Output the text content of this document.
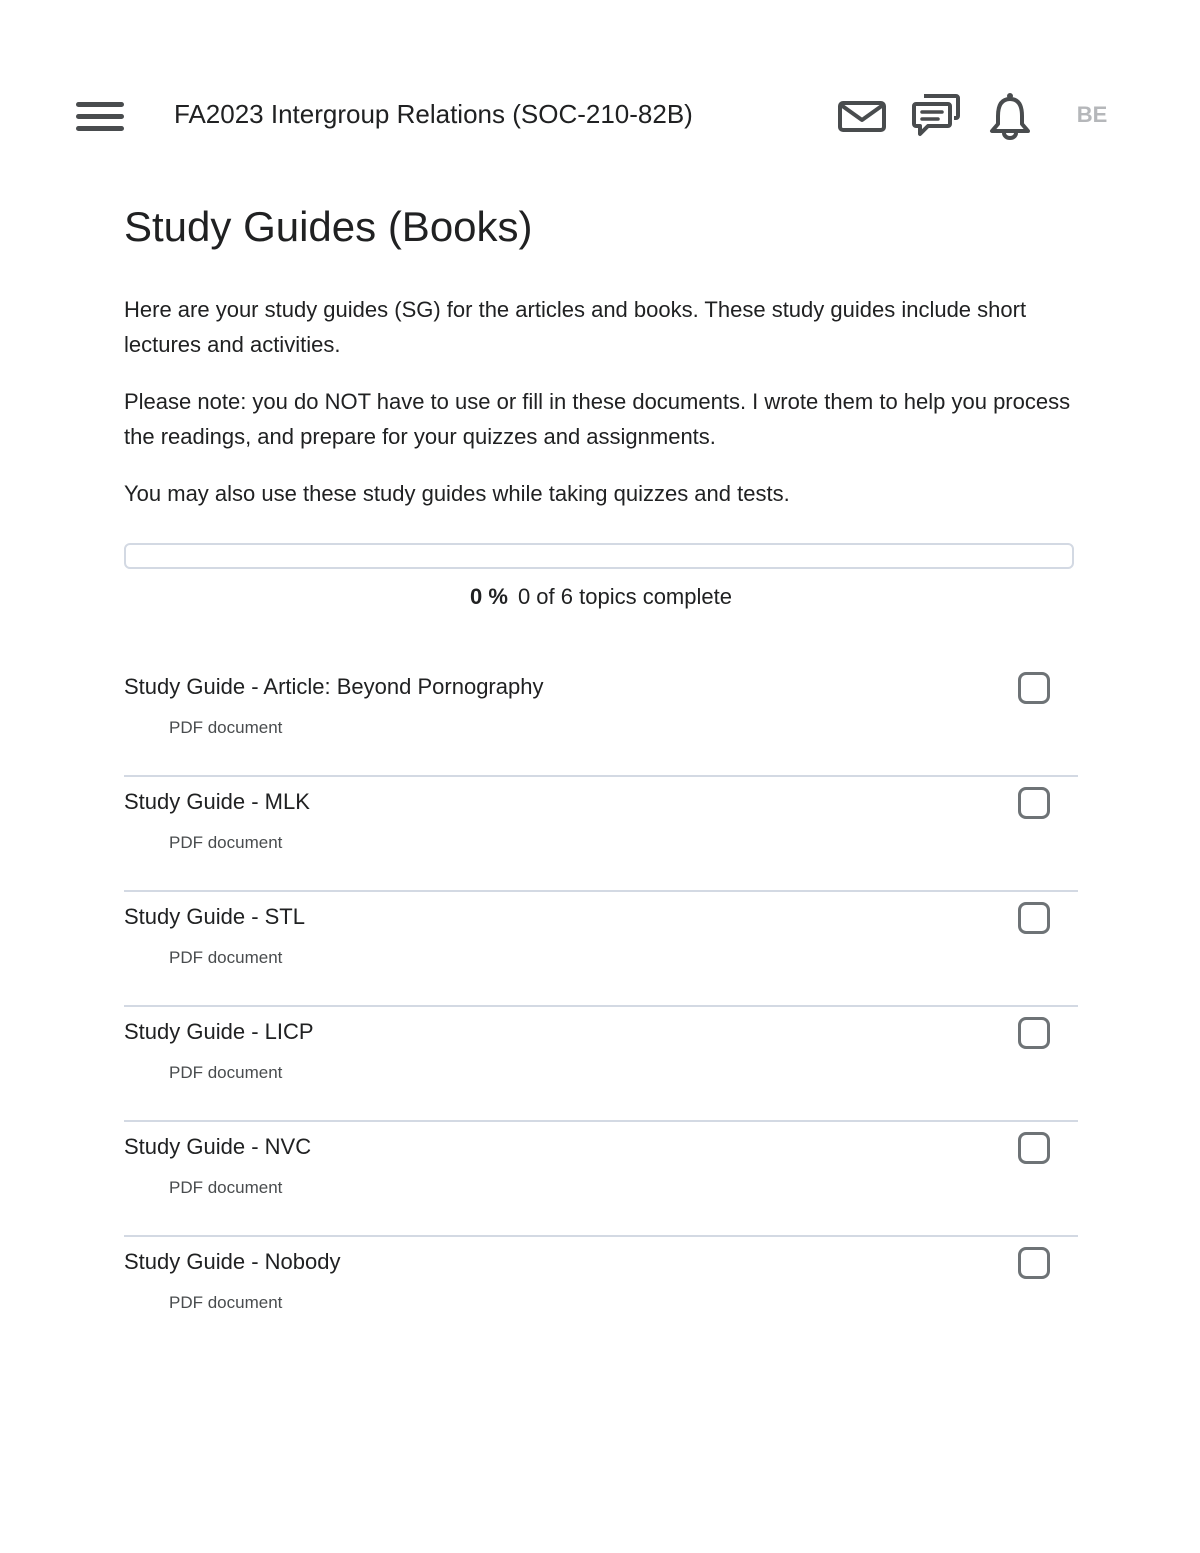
FA2023 Intergroup Relations (SOC-210-82B)	BE
Study Guides (Books)

Here are your study guides (SG) for the articles and books. These study guides include short lectures and activities.

Please note: you do NOT have to use or fill in these documents. I wrote them to help you process the readings, and prepare for your quizzes and assignments.

You may also use these study guides while taking quizzes and tests.

0 % 0 of 6 topics complete
Study Guide - Article: Beyond Pornography
PDF document
Study Guide - MLK
PDF document
Study Guide - STL
PDF document
Study Guide - LICP
PDF document
Study Guide - NVC
PDF document
Study Guide - Nobody
PDF document
